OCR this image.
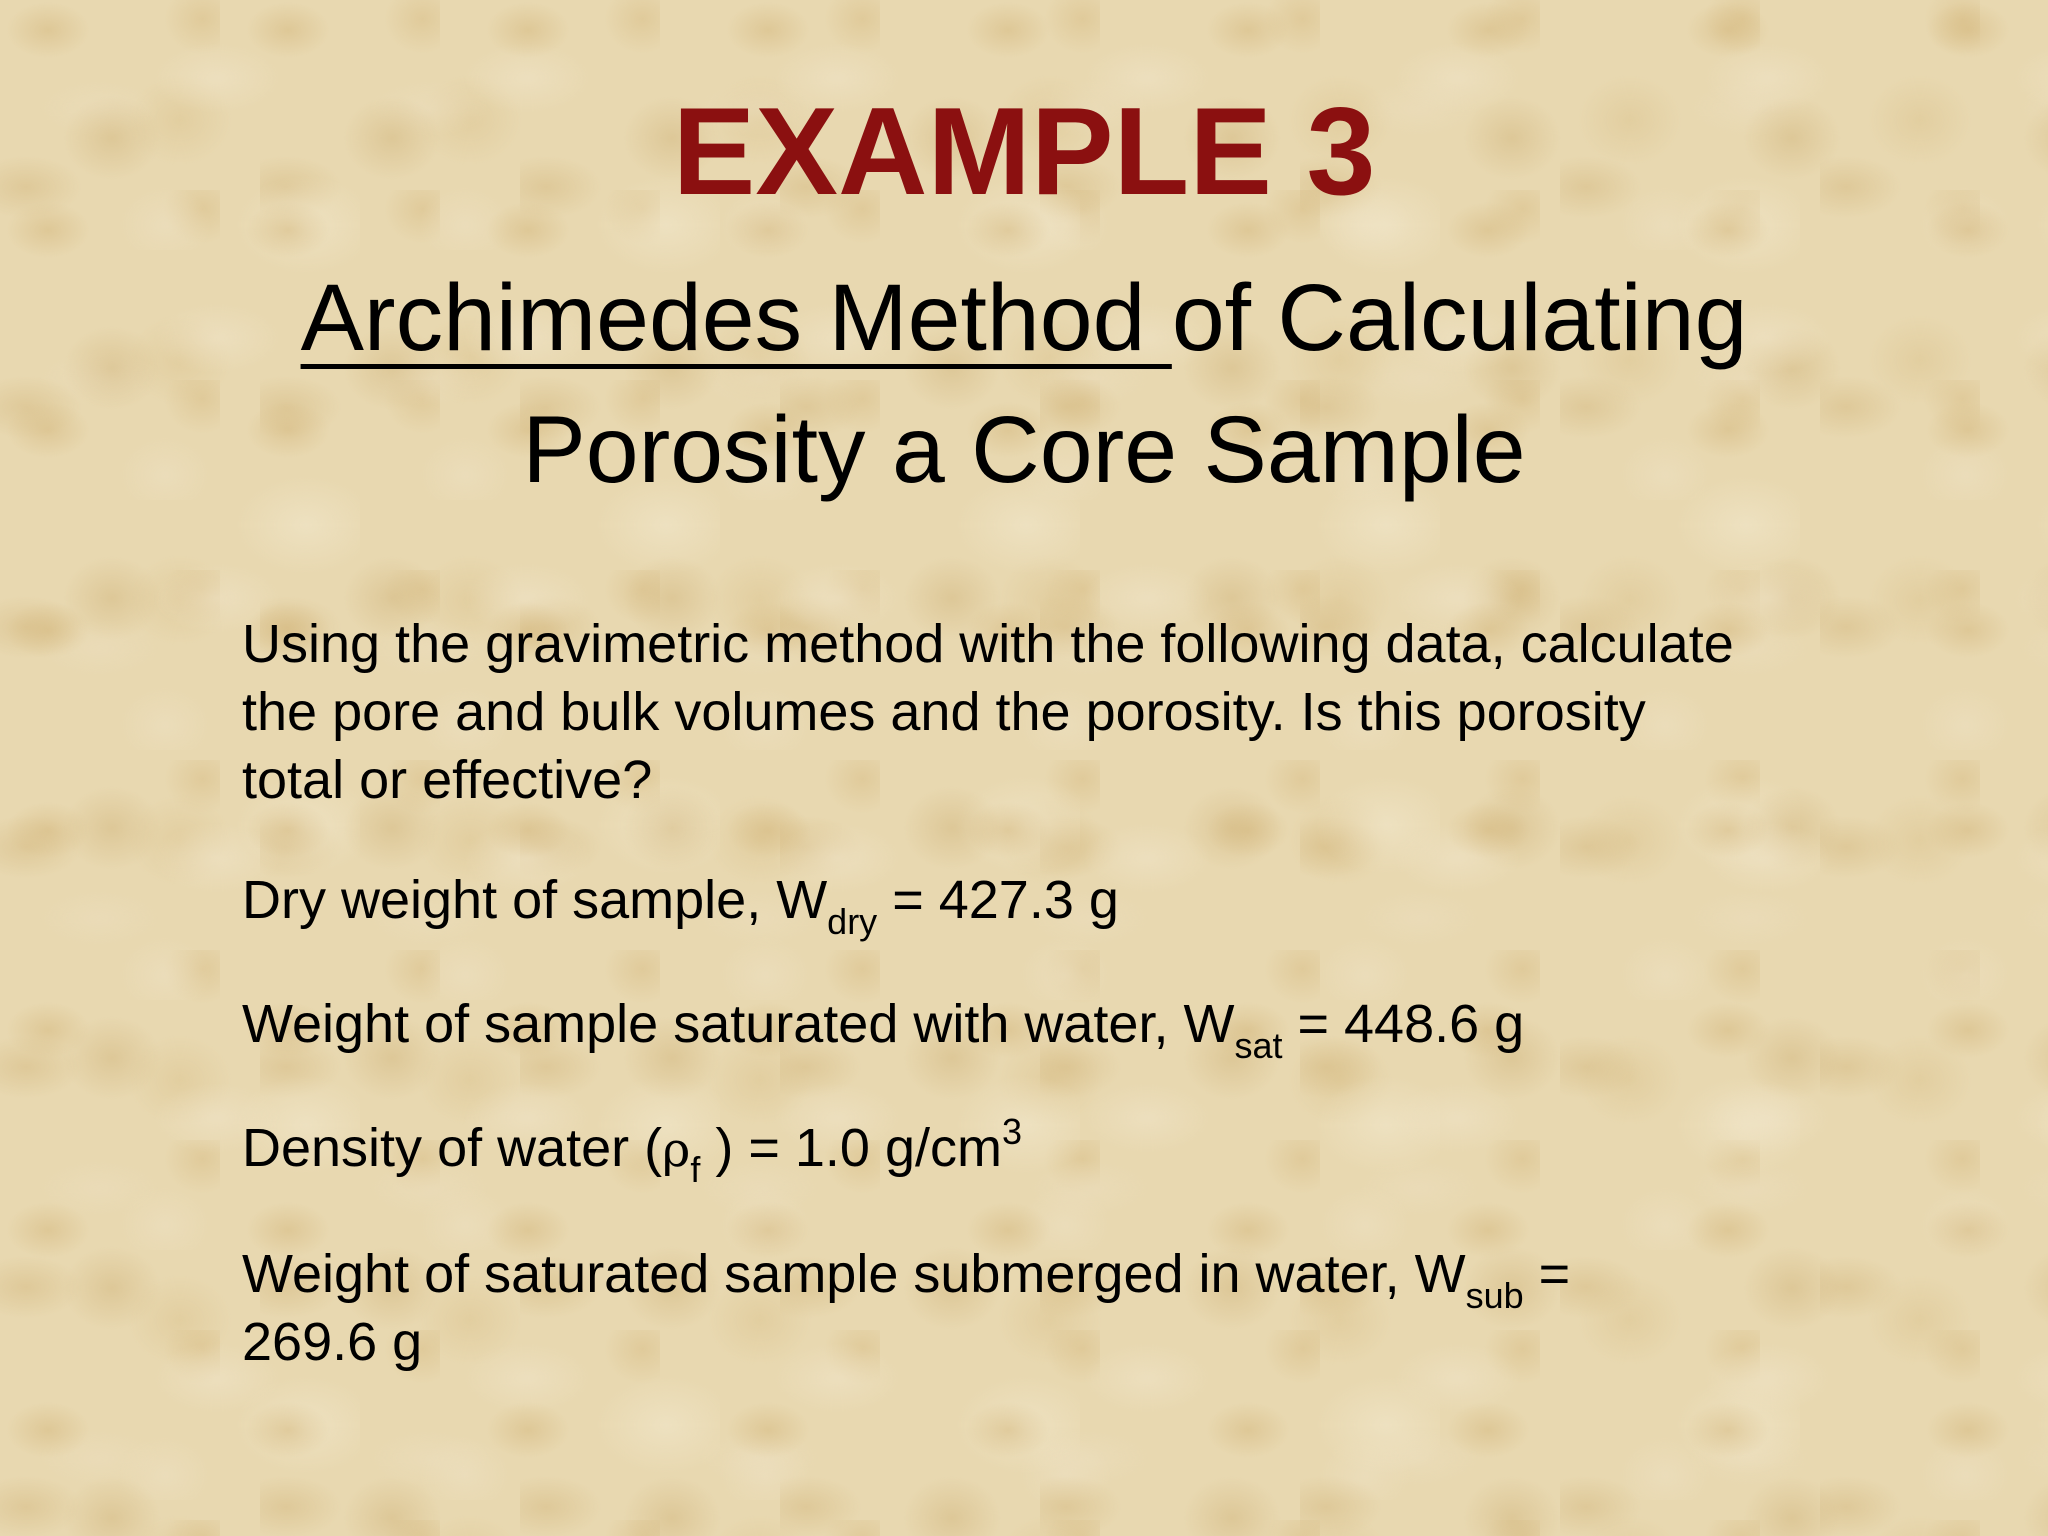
EXAMPLE 3
Archimedes Method of Calculating
Porosity a Core Sample

Using the gravimetric method with the following data, calculate the pore and bulk volumes and the porosity. Is this porosity total or effective?

Dry weight of sample, $W_{dry} = 427.3$ g

Weight of sample saturated with water, $W_{sat} = 448.6$ g

Density of water ($\rho_f$ ) = 1.0 $g/cm^3$

Weight of saturated sample submerged in water, $W_{sub} = 269.6$ g
